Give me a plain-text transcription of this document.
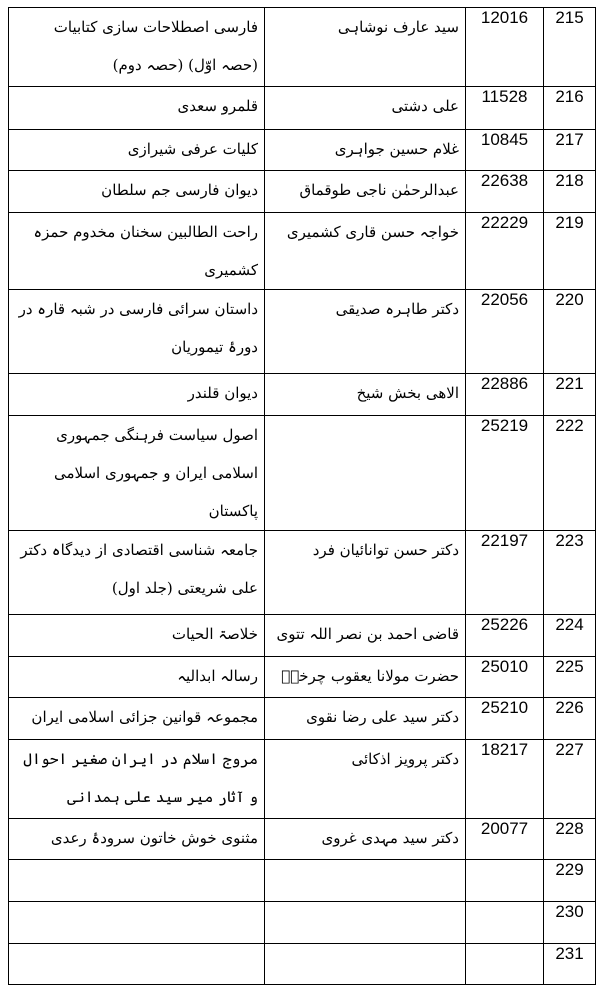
215	12016	سید عارف نوشاہی	فارسی اصطلاحات سازی کتابیات (حصہ اوّل) (حصہ دوم)
216	11528	علی دشتی	قلمرو سعدی
217	10845	غلام حسین جواہری	کلیات عرفی شیرازی
218	22638	عبدالرحمٰن ناجی طوقماق	دیوان فارسی جم سلطان
219	22229	خواجہ حسن قاری کشمیری	راحت الطالبین سخنان مخدوم حمزہ کشمیری
220	22056	دکتر طاہرہ صدیقی	داستان سرائی فارسی در شبہ قارہ در دورۂ تیموریان
221	22886	الاھی بخش شیخ	دیوان قلندر
222	25219		اصول سیاست فرہنگی جمہوری اسلامی ایران و جمہوری اسلامی پاکستان
223	22197	دکتر حسن توانائیان فرد	جامعہ شناسی اقتصادی از دیدگاہ دکتر علی شریعتی (جلد اول)
224	25226	قاضی احمد بن نصر اللہ تتوی	خلاصۃ الحیات
225	25010	حضرت مولانا یعقوب چرخیؒ	رسالہ ابدالیہ
226	25210	دکتر سید علی رضا نقوی	مجموعہ قوانین جزائی اسلامی ایران
227	18217	دکتر پرویز اذکائی	مروج اسلام در ایران صغیر احوال و آثار میر سید علی ہمدانی
228	20077	دکتر سید مہدی غروی	مثنوی خوش خاتون سرودۂ رعدی
229			
230			
231			
